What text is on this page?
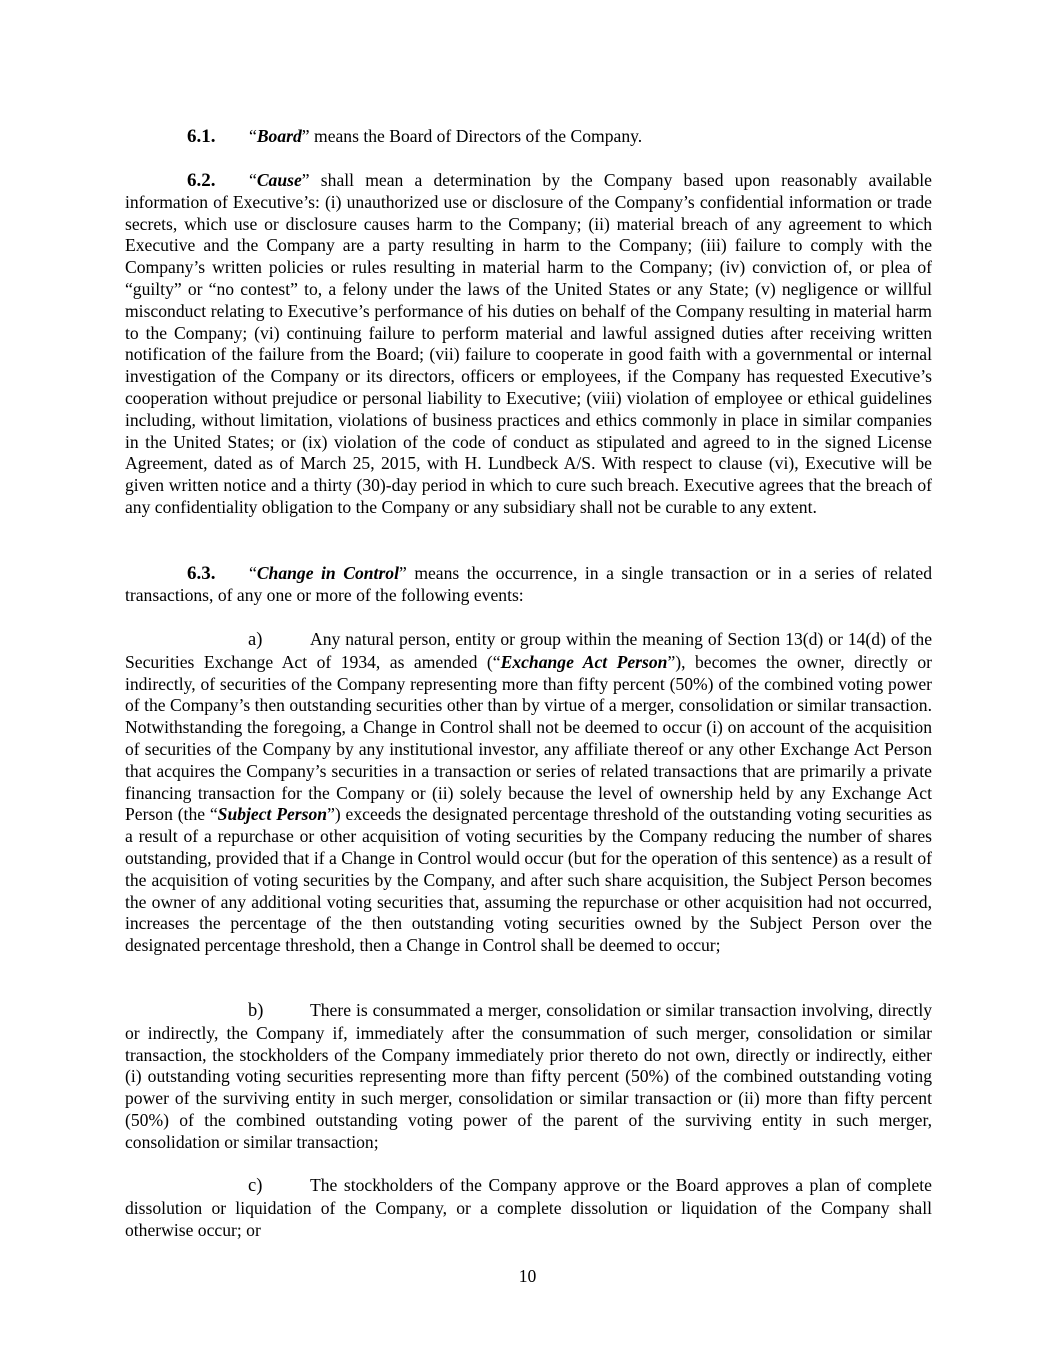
6.1. “Board” means the Board of Directors of the Company.

6.2. “Cause” shall mean a determination by the Company based upon reasonably available information of Executive’s: (i) unauthorized use or disclosure of the Company’s confidential information or trade secrets, which use or disclosure causes harm to the Company; (ii) material breach of any agreement to which Executive and the Company are a party resulting in harm to the Company; (iii) failure to comply with the Company’s written policies or rules resulting in material harm to the Company; (iv) conviction of, or plea of “guilty” or “no contest” to, a felony under the laws of the United States or any State; (v) negligence or willful misconduct relating to Executive’s performance of his duties on behalf of the Company resulting in material harm to the Company; (vi) continuing failure to perform material and lawful assigned duties after receiving written notification of the failure from the Board; (vii) failure to cooperate in good faith with a governmental or internal investigation of the Company or its directors, officers or employees, if the Company has requested Executive’s cooperation without prejudice or personal liability to Executive; (viii) violation of employee or ethical guidelines including, without limitation, violations of business practices and ethics commonly in place in similar companies in the United States; or (ix) violation of the code of conduct as stipulated and agreed to in the signed License Agreement, dated as of March 25, 2015, with H. Lundbeck A/S. With respect to clause (vi), Executive will be given written notice and a thirty (30)-day period in which to cure such breach. Executive agrees that the breach of any confidentiality obligation to the Company or any subsidiary shall not be curable to any extent.

6.3. “Change in Control” means the occurrence, in a single transaction or in a series of related transactions, of any one or more of the following events:

a)	Any natural person, entity or group within the meaning of Section 13(d) or 14(d) of the Securities Exchange Act of 1934, as amended (“Exchange Act Person”), becomes the owner, directly or indirectly, of securities of the Company representing more than fifty percent (50%) of the combined voting power of the Company’s then outstanding securities other than by virtue of a merger, consolidation or similar transaction. Notwithstanding the foregoing, a Change in Control shall not be deemed to occur (i) on account of the acquisition of securities of the Company by any institutional investor, any affiliate thereof or any other Exchange Act Person that acquires the Company’s securities in a transaction or series of related transactions that are primarily a private financing transaction for the Company or (ii) solely because the level of ownership held by any Exchange Act Person (the “Subject Person”) exceeds the designated percentage threshold of the outstanding voting securities as a result of a repurchase or other acquisition of voting securities by the Company reducing the number of shares outstanding, provided that if a Change in Control would occur (but for the operation of this sentence) as a result of the acquisition of voting securities by the Company, and after such share acquisition, the Subject Person becomes the owner of any additional voting securities that, assuming the repurchase or other acquisition had not occurred, increases the percentage of the then outstanding voting securities owned by the Subject Person over the designated percentage threshold, then a Change in Control shall be deemed to occur;

b)	There is consummated a merger, consolidation or similar transaction involving, directly or indirectly, the Company if, immediately after the consummation of such merger, consolidation or similar transaction, the stockholders of the Company immediately prior thereto do not own, directly or indirectly, either (i) outstanding voting securities representing more than fifty percent (50%) of the combined outstanding voting power of the surviving entity in such merger, consolidation or similar transaction or (ii) more than fifty percent (50%) of the combined outstanding voting power of the parent of the surviving entity in such merger, consolidation or similar transaction;

c)	The stockholders of the Company approve or the Board approves a plan of complete dissolution or liquidation of the Company, or a complete dissolution or liquidation of the Company shall otherwise occur; or

10
